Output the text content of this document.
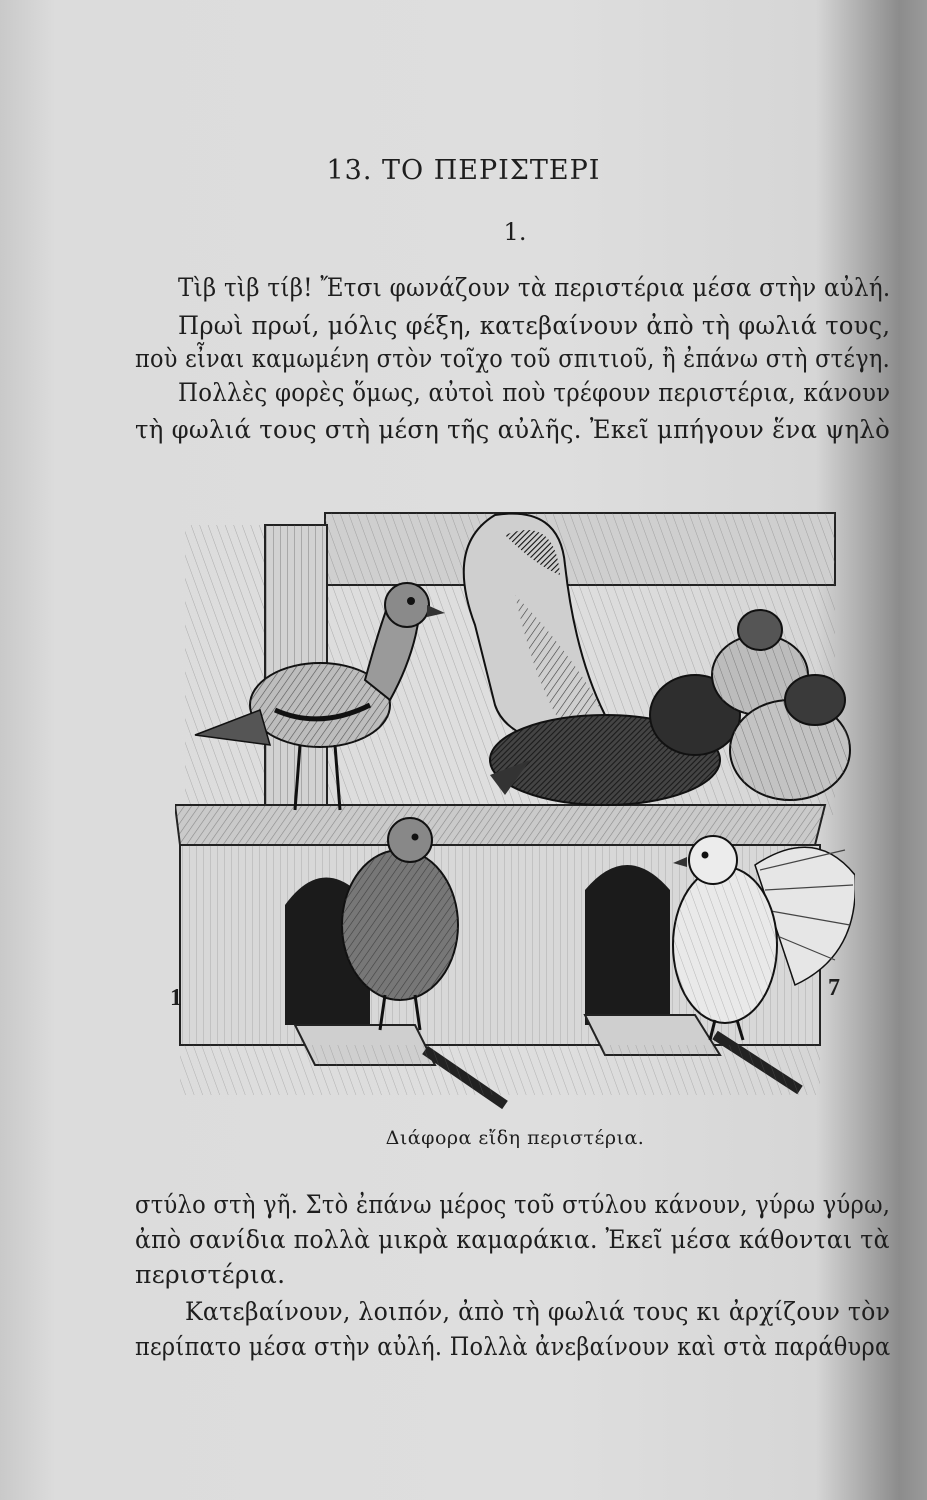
13. ΤΟ ΠΕΡΙΣΤΕΡΙ
1.
Τὶβ τὶβ τίβ! Ἔτσι φωνάζουν τὰ περιστέρια μέσα στὴν αὐλή.
Πρωὶ πρωί, μόλις φέξη, κατεβαίνουν ἀπὸ τὴ φωλιά τους,
ποὺ εἶναι καμωμένη στὸν τοῖχο τοῦ σπιτιοῦ, ἢ ἐπάνω στὴ στέγη.
Πολλὲς φορὲς ὅμως, αὐτοὶ ποὺ τρέφουν περιστέρια, κάνουν
τὴ φωλιά τους στὴ μέση τῆς αὐλῆς. Ἐκεῖ μπήγουν ἕνα ψηλὸ
1	7
Διάφορα εἴδη περιστέρια.
στύλο στὴ γῆ. Στὸ ἐπάνω μέρος τοῦ στύλου κάνουν, γύρω γύρω,
ἀπὸ σανίδια πολλὰ μικρὰ καμαράκια. Ἐκεῖ μέσα κάθονται τὰ
περιστέρια.
Κατεβαίνουν, λοιπόν, ἀπὸ τὴ φωλιά τους κι ἀρχίζουν τὸν
περίπατο μέσα στὴν αὐλή. Πολλὰ ἀνεβαίνουν καὶ στὰ παράθυρα
